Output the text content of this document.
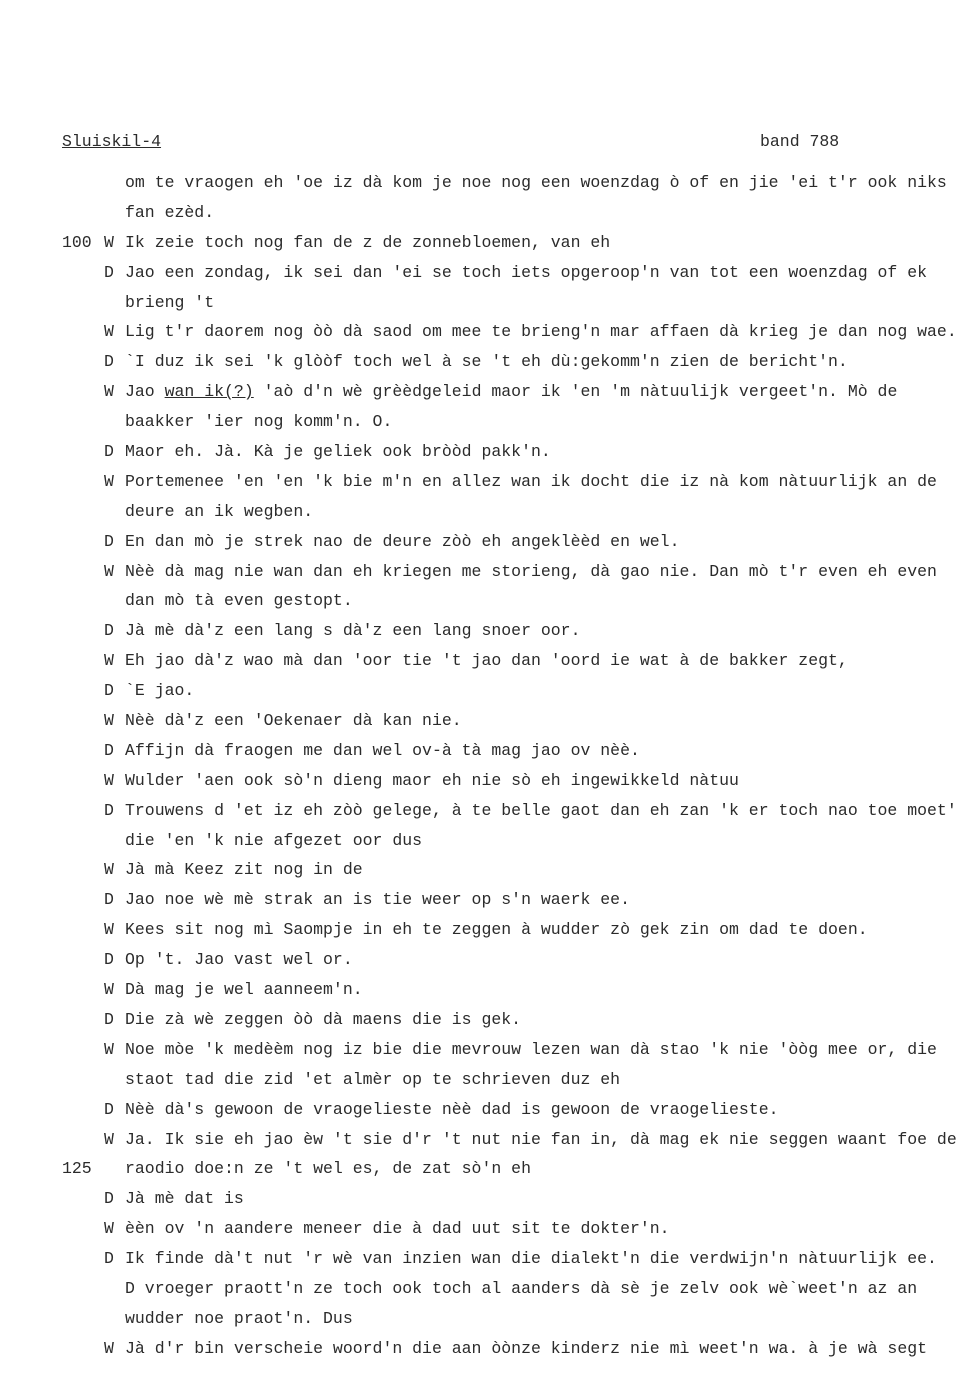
Sluiskil-4	band 788
om te vraogen eh 'oe iz dà kom je noe nog een woenzdag ò of en jie 'ei t'r ook niks
fan ezèd.
100 W Ik zeie toch nog fan de z de zonnebloemen, van eh
D Jao een zondag, ik sei dan 'ei se toch iets opgeroop'n van tot een woenzdag of ek
brieng 't
W Lig t'r daorem nog òò dà saod om mee te brieng'n mar affaen dà krieg je dan nog wae.
D `I duz ik sei 'k glòòf toch wel à se 't eh dù:gekomm'n zien de bericht'n.
W Jao wan ik(?) 'aò d'n wè grèèdgeleid maor ik 'en 'm nàtuulijk vergeet'n. Mò de
baakker 'ier nog komm'n. O.
D Maor eh. Jà. Kà je geliek ook bròòd pakk'n.
W Portemenee 'en 'en 'k bie m'n en allez wan ik docht die iz nà kom nàtuurlijk an de
deure an ik wegben.
D En dan mò je strek nao de deure zòò eh angeklèèd en wel.
W Nèè dà mag nie wan dan eh kriegen me storieng, dà gao nie. Dan mò t'r even eh even
dan mò tà even gestopt.
D Jà mè dà'z een lang s dà'z een lang snoer oor.
W Eh jao dà'z wao mà dan 'oor tie 't jao dan 'oord ie wat à de bakker zegt,
D `E jao.
W Nèè dà'z een 'Oekenaer dà kan nie.
D Affijn dà fraogen me dan wel ov-à tà mag jao ov nèè.
W Wulder 'aen ook sò'n dieng maor eh nie sò eh ingewikkeld nàtuu
D Trouwens d 'et iz eh zòò gelege, à te belle gaot dan eh zan 'k er toch nao toe moet'
die 'en 'k nie afgezet oor dus
W Jà mà Keez zit nog in de
D Jao noe wè mè strak an is tie weer op s'n waerk ee.
W Kees sit nog mì Saompje in eh te zeggen à wudder zò gek zin om dad te doen.
D Op 't. Jao vast wel or.
W Dà mag je wel aanneem'n.
D Die zà wè zeggen òò dà maens die is gek.
W Noe mòe 'k medèèm nog iz bie die mevrouw lezen wan dà stao 'k nie 'òòg mee or, die
staot tad die zid 'et almèr op te schrieven duz eh
D Nèè dà's gewoon de vraogelieste nèè dad is gewoon de vraogelieste.
W Ja. Ik sie eh jao èw 't sie d'r 't nut nie fan in, dà mag ek nie seggen waant foe de
125 raodio doe:n ze 't wel es, de zat sò'n eh
D Jà mè dat is
W èèn ov 'n aandere meneer die à dad uut sit te dokter'n.
D Ik finde dà't nut 'r wè van inzien wan die dialekt'n die verdwijn'n nàtuurlijk ee.
D vroeger praott'n ze toch ook toch al aanders dà sè je zelv ook wè`weet'n az an
wudder noe praot'n. Dus
W Jà d'r bin verscheie woord'n die aan òònze kinderz nie mì weet'n wa. à je wà segt
